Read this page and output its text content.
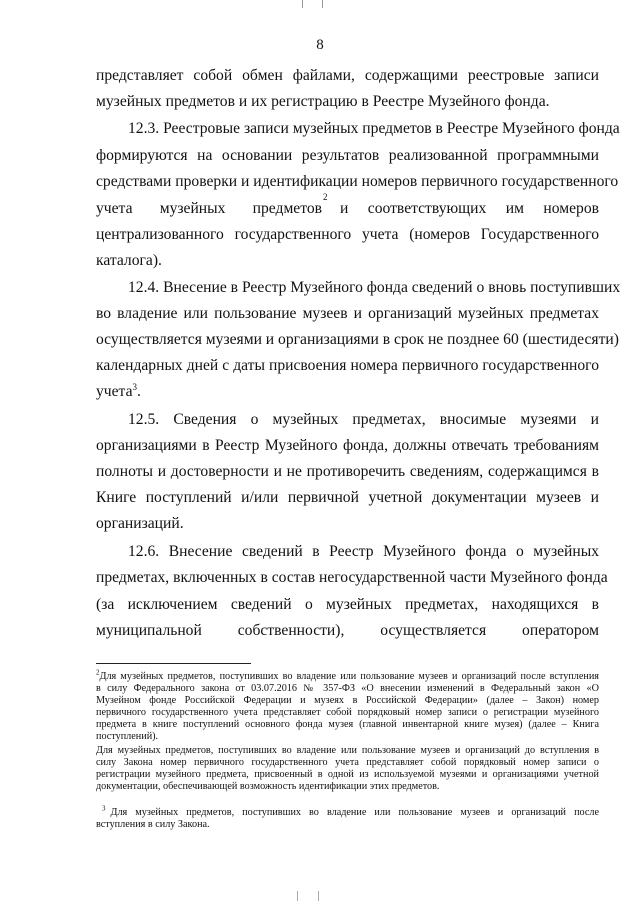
8
представляет собой обмен файлами, содержащими реестровые записи
музейных предметов и их регистрацию в Реестре Музейного фонда.
12.3. Реестровые записи музейных предметов в Реестре Музейного фонда
формируются на основании результатов реализованной программными
средствами проверки и идентификации номеров первичного государственного
учета музейных предметов
2
и соответствующих им номеров
централизованного государственного учета (номеров Государственного
каталога).
12.4. Внесение в Реестр Музейного фонда сведений о вновь поступивших
во владение или пользование музеев и организаций музейных предметах
осуществляется музеями и организациями в срок не позднее 60 (шестидесяти)
календарных дней с даты присвоения номера первичного государственного
учета$^3$.
12.5. Сведения о музейных предметах, вносимые музеями и
организациями в Реестр Музейного фонда, должны отвечать требованиям
полноты и достоверности и не противоречить сведениям, содержащимся в
Книге поступлений и/или первичной учетной документации музеев и
организаций.
12.6. Внесение сведений в Реестр Музейного фонда о музейных
предметах, включенных в состав негосударственной части Музейного фонда
(за исключением сведений о музейных предметах, находящихся в
муниципальной собственности), осуществляется оператором
$^2$Для музейных предметов, поступивших во владение или пользование музеев и организаций после вступления
в силу Федерального закона от 03.07.2016 № 357-ФЗ «О внесении изменений в Федеральный закон «О
Музейном фонде Российской Федерации и музеях в Российской Федерации» (далее – Закон) номер
первичного государственного учета представляет собой порядковый номер записи о регистрации музейного
предмета в книге поступлений основного фонда музея (главной инвентарной книге музея) (далее – Книга
поступлений).
Для музейных предметов, поступивших во владение или пользование музеев и организаций до вступления в
силу Закона номер первичного государственного учета представляет собой порядковый номер записи о
регистрации музейного предмета, присвоенный в одной из используемой музеями и организациями учетной
документации, обеспечивающей возможность идентификации этих предметов.
$^3$ Для музейных предметов, поступивших во владение или пользование музеев и организаций после
вступления в силу Закона.
